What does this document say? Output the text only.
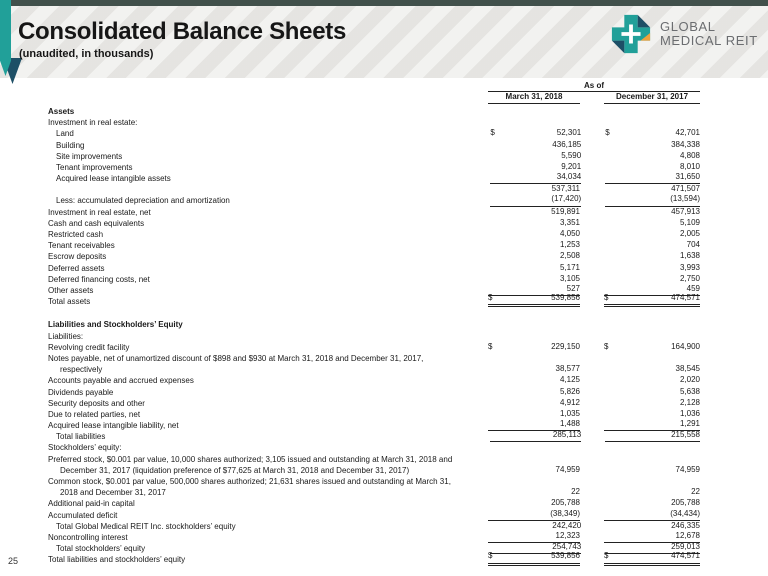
Consolidated Balance Sheets
(unaudited, in thousands)
GLOBAL
MEDICAL REIT
As of
March 31, 2018	December 31, 2017
Assets
Investment in real estate:
Land	$	52,301	$	42,701
Building	436,185	384,338
Site improvements	5,590	4,808
Tenant improvements	9,201	8,010
Acquired lease intangible assets	34,034	31,650
537,311	471,507
Less: accumulated depreciation and amortization	(17,420)	(13,594)
Investment in real estate, net	519,891	457,913
Cash and cash equivalents	3,351	5,109
Restricted cash	4,050	2,005
Tenant receivables	1,253	704
Escrow deposits	2,508	1,638
Deferred assets	5,171	3,993
Deferred financing costs, net	3,105	2,750
Other assets	527	459
Total assets	$	539,856	$	474,571
Liabilities and Stockholders’ Equity
Liabilities:
Revolving credit facility	$	229,150	$	164,900
Notes payable, net of unamortized discount of $898 and $930 at March 31, 2018 and December 31, 2017,
respectively	38,577	38,545
Accounts payable and accrued expenses	4,125	2,020
Dividends payable	5,826	5,638
Security deposits and other	4,912	2,128
Due to related parties, net	1,035	1,036
Acquired lease intangible liability, net	1,488	1,291
Total liabilities	285,113	215,558
Stockholders’ equity:
Preferred stock, $0.001 par value, 10,000 shares authorized; 3,105 issued and outstanding at March 31, 2018 and
December 31, 2017 (liquidation preference of $77,625 at March 31, 2018 and December 31, 2017)	74,959	74,959
Common stock, $0.001 par value, 500,000 shares authorized; 21,631 shares issued and outstanding at March 31,
2018 and December 31, 2017	22	22
Additional paid-in capital	205,788	205,788
Accumulated deficit	(38,349)	(34,434)
Total Global Medical REIT Inc. stockholders’ equity	242,420	246,335
Noncontrolling interest	12,323	12,678
Total stockholders’ equity	254,743	259,013
Total liabilities and stockholders’ equity	$	539,856	$	474,571
25
